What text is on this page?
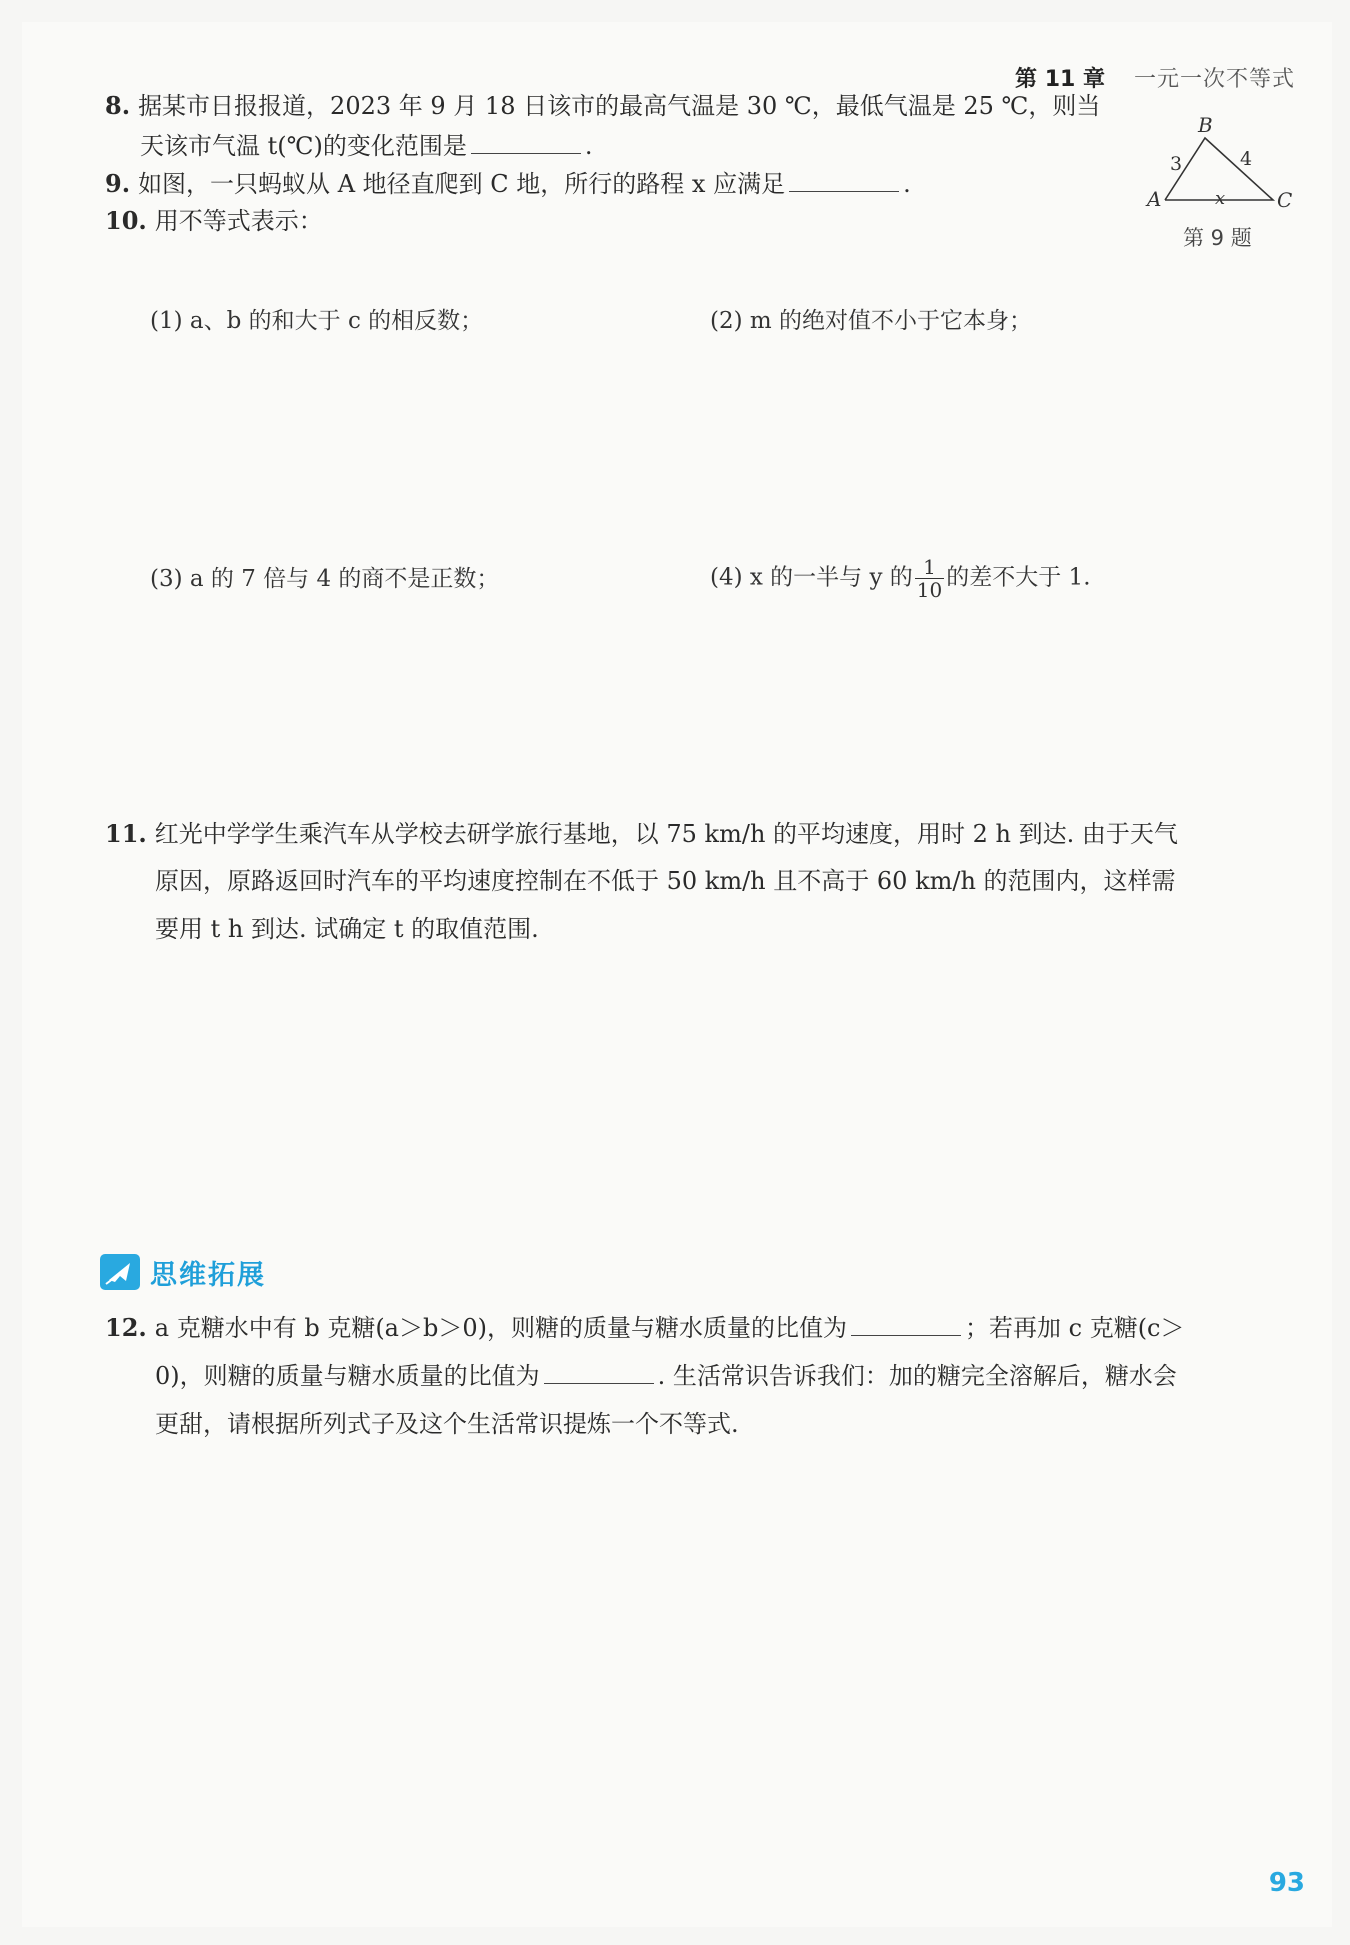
第 11 章 一元一次不等式
8. 据某市日报报道，2023 年 9 月 18 日该市的最高气温是 30 ℃，最低气温是 25 ℃，则当
天该市气温 t(℃)的变化范围是	.
9. 如图，一只蚂蚁从 A 地径直爬到 C 地，所行的路程 x 应满足	.
B
A	C
3	4
x
第 9 题
10. 用不等式表示：
(1) a、b 的和大于 c 的相反数；	(2) m 的绝对值不小于它本身；
(3) a 的 7 倍与 4 的商不是正数；	(4) x 的一半与 y 的 $\frac{1}{10}$ 的差不大于 1.
11. 红光中学学生乘汽车从学校去研学旅行基地，以 75 km/h 的平均速度，用时 2 h 到达. 由于天气
原因，原路返回时汽车的平均速度控制在不低于 50 km/h 且不高于 60 km/h 的范围内，这样需
要用 t h 到达. 试确定 t 的取值范围.
思维拓展
12. a 克糖水中有 b 克糖(a＞b＞0)，则糖的质量与糖水质量的比值为	；若再加 c 克糖(c＞
0)，则糖的质量与糖水质量的比值为	. 生活常识告诉我们：加的糖完全溶解后，糖水会
更甜，请根据所列式子及这个生活常识提炼一个不等式.
93
